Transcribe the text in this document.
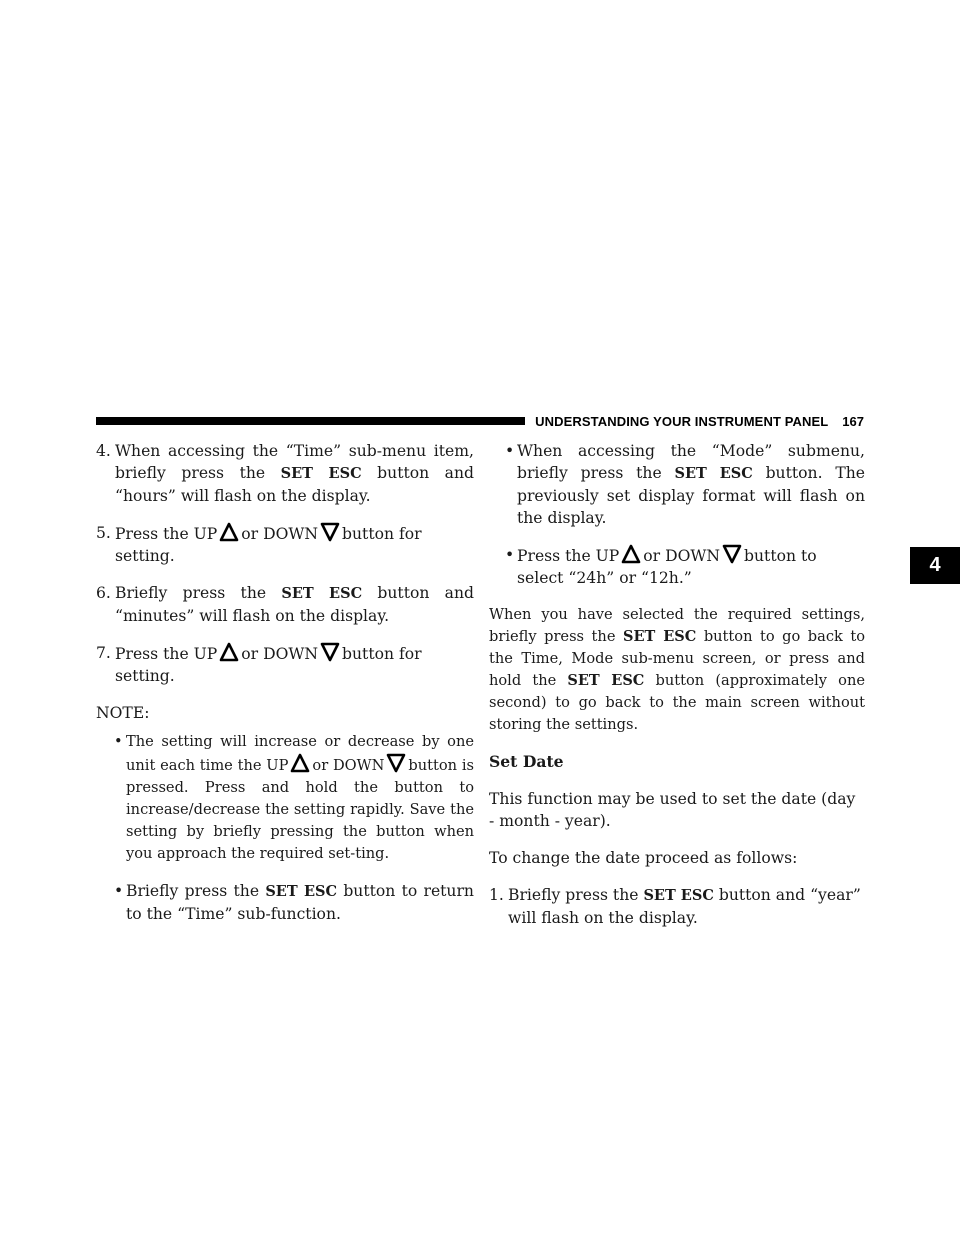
UNDERSTANDING YOUR INSTRUMENT PANEL 167
4

4. When accessing the “Time” sub-menu item, briefly press the SET ESC button and “hours” will flash on the display.

5. Press the UP or DOWN button for setting.

6. Briefly press the SET ESC button and “minutes” will flash on the display.

7. Press the UP or DOWN button for setting.

NOTE:

• The setting will increase or decrease by one unit each time the UP or DOWN button is pressed. Press and hold the button to increase/decrease the setting rapidly. Save the setting by briefly pressing the button when you approach the required set-ting.
• Briefly press the SET ESC button to return to the “Time” sub-function.
• When accessing the “Mode” submenu, briefly press the SET ESC button. The previously set display format will flash on the display.
• Press the UP or DOWN button to select “24h” or “12h.”

When you have selected the required settings, briefly press the SET ESC button to go back to the Time, Mode sub-menu screen, or press and hold the SET ESC button (approximately one second) to go back to the main screen without storing the settings.

Set Date

This function may be used to set the date (day - month - year).

To change the date proceed as follows:

1. Briefly press the SET ESC button and “year” will flash on the display.
